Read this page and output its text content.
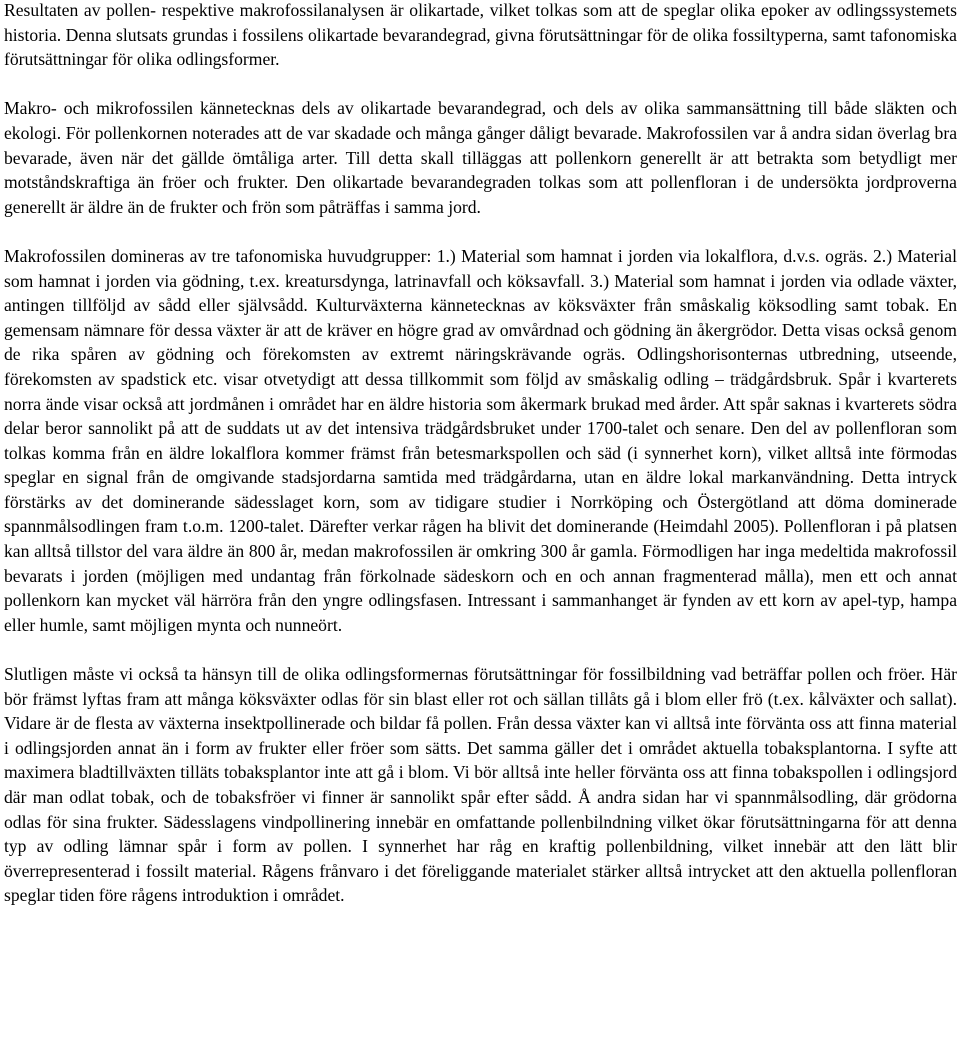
Resultaten av pollen- respektive makrofossilanalysen är olikartade, vilket tolkas som att de speglar olika epoker av odlingssystemets historia. Denna slutsats grundas i fossilens olikartade bevarandegrad, givna förutsättningar för de olika fossiltyperna, samt tafonomiska förutsättningar för olika odlingsformer.

Makro- och mikrofossilen kännetecknas dels av olikartade bevarandegrad, och dels av olika sammansättning till både släkten och ekologi. För pollenkornen noterades att de var skadade och många gånger dåligt bevarade. Makrofossilen var å andra sidan överlag bra bevarade, även när det gällde ömtåliga arter. Till detta skall tilläggas att pollenkorn generellt är att betrakta som betydligt mer motståndskraftiga än fröer och frukter. Den olikartade bevarandegraden tolkas som att pollenfloran i de undersökta jordproverna generellt är äldre än de frukter och frön som påträffas i samma jord.

Makrofossilen domineras av tre tafonomiska huvudgrupper: 1.) Material som hamnat i jorden via lokalflora, d.v.s. ogräs. 2.) Material som hamnat i jorden via gödning, t.ex. kreatursdynga, latrinavfall och köksavfall. 3.) Material som hamnat i jorden via odlade växter, antingen tillföljd av sådd eller självsådd. Kulturväxterna kännetecknas av köksväxter från småskalig köksodling samt tobak. En gemensam nämnare för dessa växter är att de kräver en högre grad av omvårdnad och gödning än åkergrödor. Detta visas också genom de rika spåren av gödning och förekomsten av extremt näringskrävande ogräs. Odlingshorisonternas utbredning, utseende, förekomsten av spadstick etc. visar otvetydigt att dessa tillkommit som följd av småskalig odling – trädgårdsbruk. Spår i kvarterets norra ände visar också att jordmånen i området har en äldre historia som åkermark brukad med årder. Att spår saknas i kvarterets södra delar beror sannolikt på att de suddats ut av det intensiva trädgårdsbruket under 1700-talet och senare. Den del av pollenfloran som tolkas komma från en äldre lokalflora kommer främst från betesmarkspollen och säd (i synnerhet korn), vilket alltså inte förmodas speglar en signal från de omgivande stadsjordarna samtida med trädgårdarna, utan en äldre lokal markanvändning. Detta intryck förstärks av det dominerande sädesslaget korn, som av tidigare studier i Norrköping och Östergötland att döma dominerade spannmålsodlingen fram t.o.m. 1200-talet. Därefter verkar rågen ha blivit det dominerande (Heimdahl 2005). Pollenfloran i på platsen kan alltså tillstor del vara äldre än 800 år, medan makrofossilen är omkring 300 år gamla. Förmodligen har inga medeltida makrofossil bevarats i jorden (möjligen med undantag från förkolnade sädeskorn och en och annan fragmenterad målla), men ett och annat pollenkorn kan mycket väl härröra från den yngre odlingsfasen. Intressant i sammanhanget är fynden av ett korn av apel-typ, hampa eller humle, samt möjligen mynta och nunneört.

Slutligen måste vi också ta hänsyn till de olika odlingsformernas förutsättningar för fossilbildning vad beträffar pollen och fröer. Här bör främst lyftas fram att många köksväxter odlas för sin blast eller rot och sällan tillåts gå i blom eller frö (t.ex. kålväxter och sallat). Vidare är de flesta av växterna insektpollinerade och bildar få pollen. Från dessa växter kan vi alltså inte förvänta oss att finna material i odlingsjorden annat än i form av frukter eller fröer som sätts. Det samma gäller det i området aktuella tobaksplantorna. I syfte att maximera bladtillväxten tilläts tobaksplantor inte att gå i blom. Vi bör alltså inte heller förvänta oss att finna tobakspollen i odlingsjord där man odlat tobak, och de tobaksfröer vi finner är sannolikt spår efter sådd. Å andra sidan har vi spannmålsodling, där grödorna odlas för sina frukter. Sädesslagens vindpollinering innebär en omfattande pollenbilndning vilket ökar förutsättningarna för att denna typ av odling lämnar spår i form av pollen. I synnerhet har råg en kraftig pollenbildning, vilket innebär att den lätt blir överrepresenterad i fossilt material. Rågens frånvaro i det föreliggande materialet stärker alltså intrycket att den aktuella pollenfloran speglar tiden före rågens introduktion i området.
